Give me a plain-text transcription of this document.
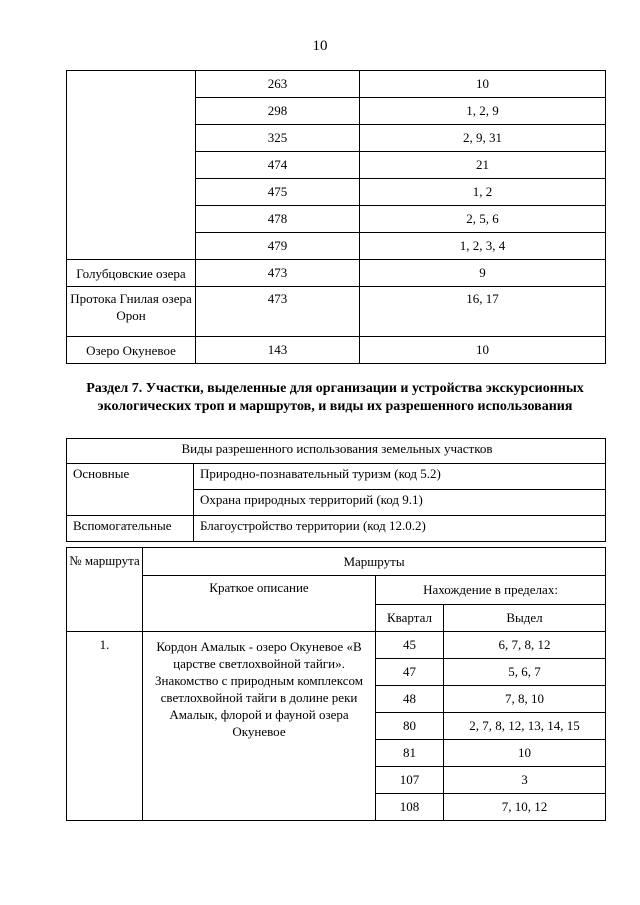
10
	263	10
	298	1, 2, 9
	325	2, 9, 31
	474	21
	475	1, 2
	478	2, 5, 6
	479	1, 2, 3, 4
Голубцовские озера	473	9
Протока Гнилая озера Орон	473	16, 17
Озеро Окуневое	143	10
Раздел 7. Участки, выделенные для организации и устройства экскурсионных
экологических троп и маршрутов, и виды их разрешенного использования
Виды разрешенного использования земельных участков	
Основные	Природно-познавательный туризм (код 5.2)
	Охрана природных территорий (код 9.1)
Вспомогательные	Благоустройство территории (код 12.0.2)
№ маршрута	Маршруты		
	Краткое описание	Нахождение в пределах:	
		Квартал	Выдел
1.	Кордон Амалык - озеро Окуневое «В царстве светлохвойной тайги». Знакомство с природным комплексом светлохвойной тайги в долине реки Амалык, флорой и фауной озера Окуневое	45	6, 7, 8, 12
		47	5, 6, 7
		48	7, 8, 10
		80	2, 7, 8, 12, 13, 14, 15
		81	10
		107	3
		108	7, 10, 12
